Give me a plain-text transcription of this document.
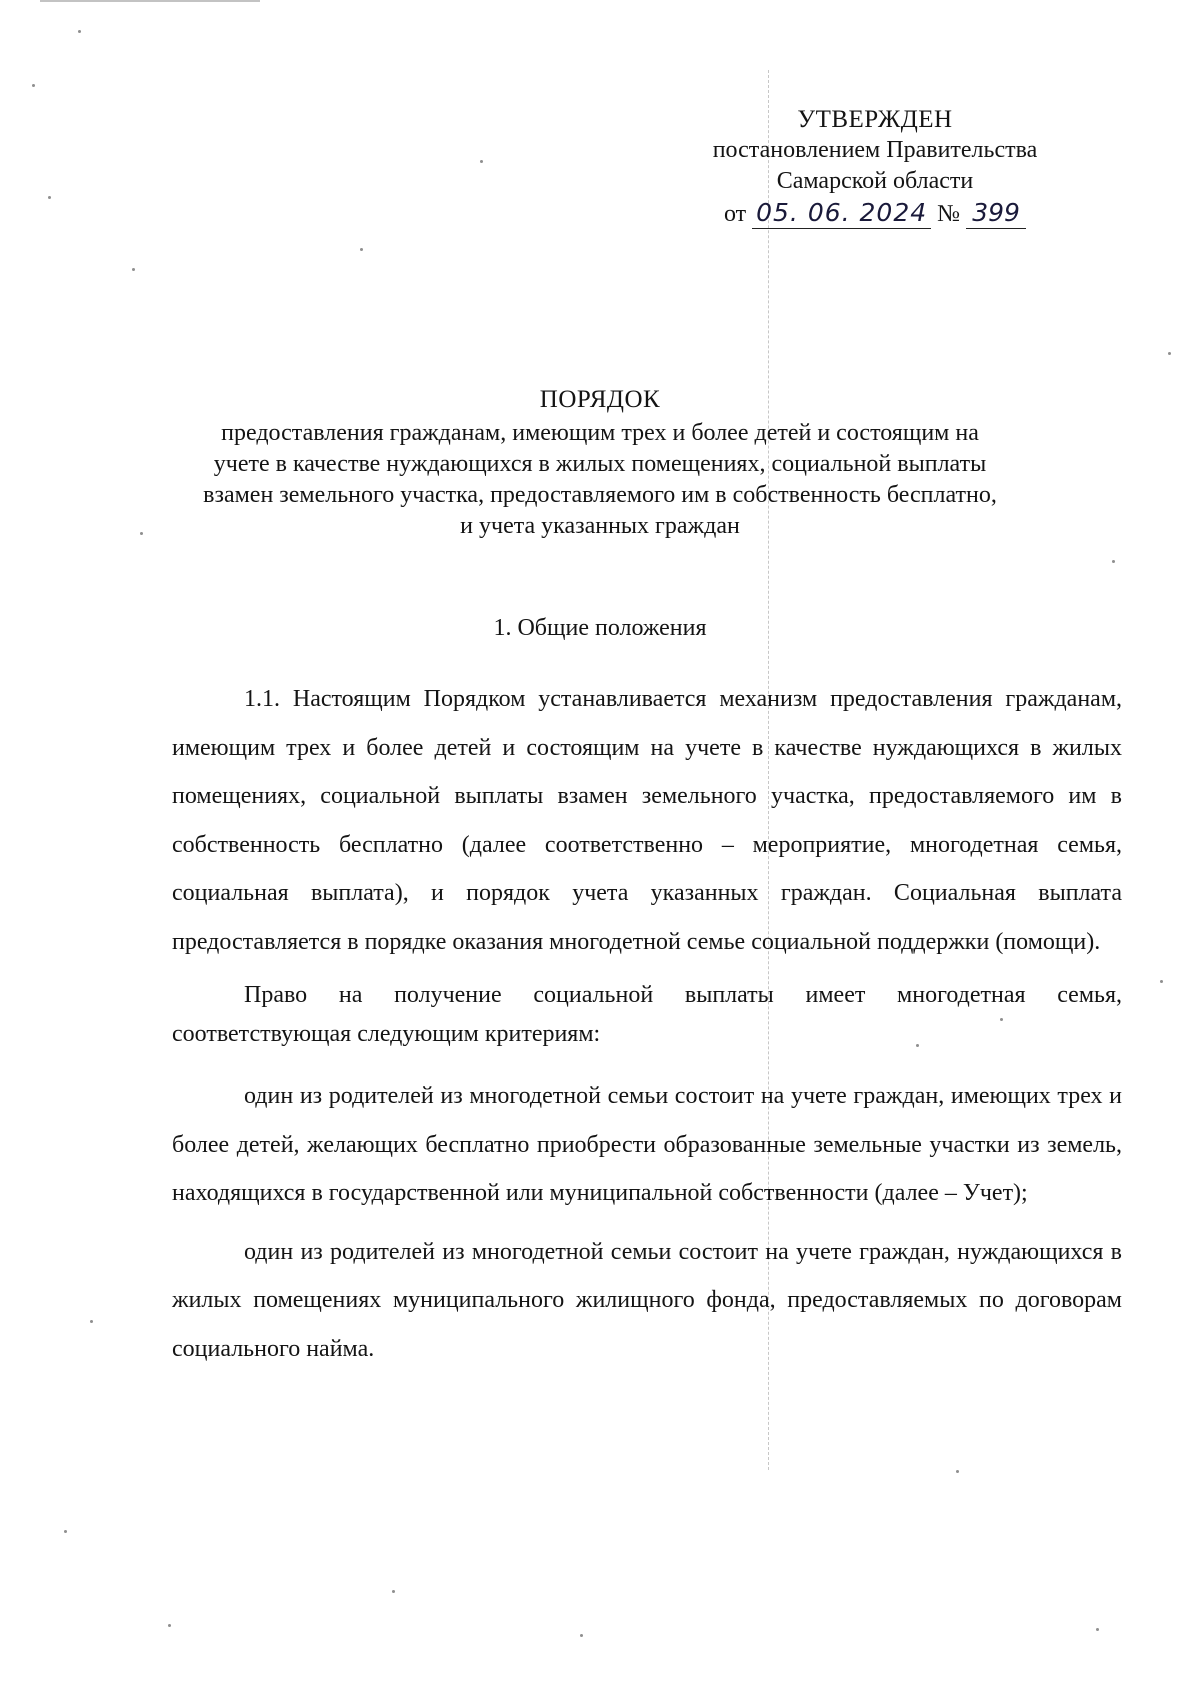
УТВЕРЖДЕН
постановлением Правительства
Самарской области
от 05. 06. 2024 № 399
ПОРЯДОК
предоставления гражданам, имеющим трех и более детей и состоящим на
учете в качестве нуждающихся в жилых помещениях, социальной выплаты
взамен земельного участка, предоставляемого им в собственность бесплатно,
и учета указанных граждан
1. Общие положения

1.1. Настоящим Порядком устанавливается механизм предоставления гражданам, имеющим трех и более детей и состоящим на учете в качестве нуждающихся в жилых помещениях, социальной выплаты взамен земельного участка, предоставляемого им в собственность бесплатно (далее соответственно – мероприятие, многодетная семья, социальная выплата), и порядок учета указанных граждан. Социальная выплата предоставляется в порядке оказания многодетной семье социальной поддержки (помощи).

Право на получение социальной выплаты имеет многодетная семья, соответствующая следующим критериям:

один из родителей из многодетной семьи состоит на учете граждан, имеющих трех и более детей, желающих бесплатно приобрести образованные земельные участки из земель, находящихся в государственной или муниципальной собственности (далее – Учет);

один из родителей из многодетной семьи состоит на учете граждан, нуждающихся в жилых помещениях муниципального жилищного фонда, предоставляемых по договорам социального найма.
